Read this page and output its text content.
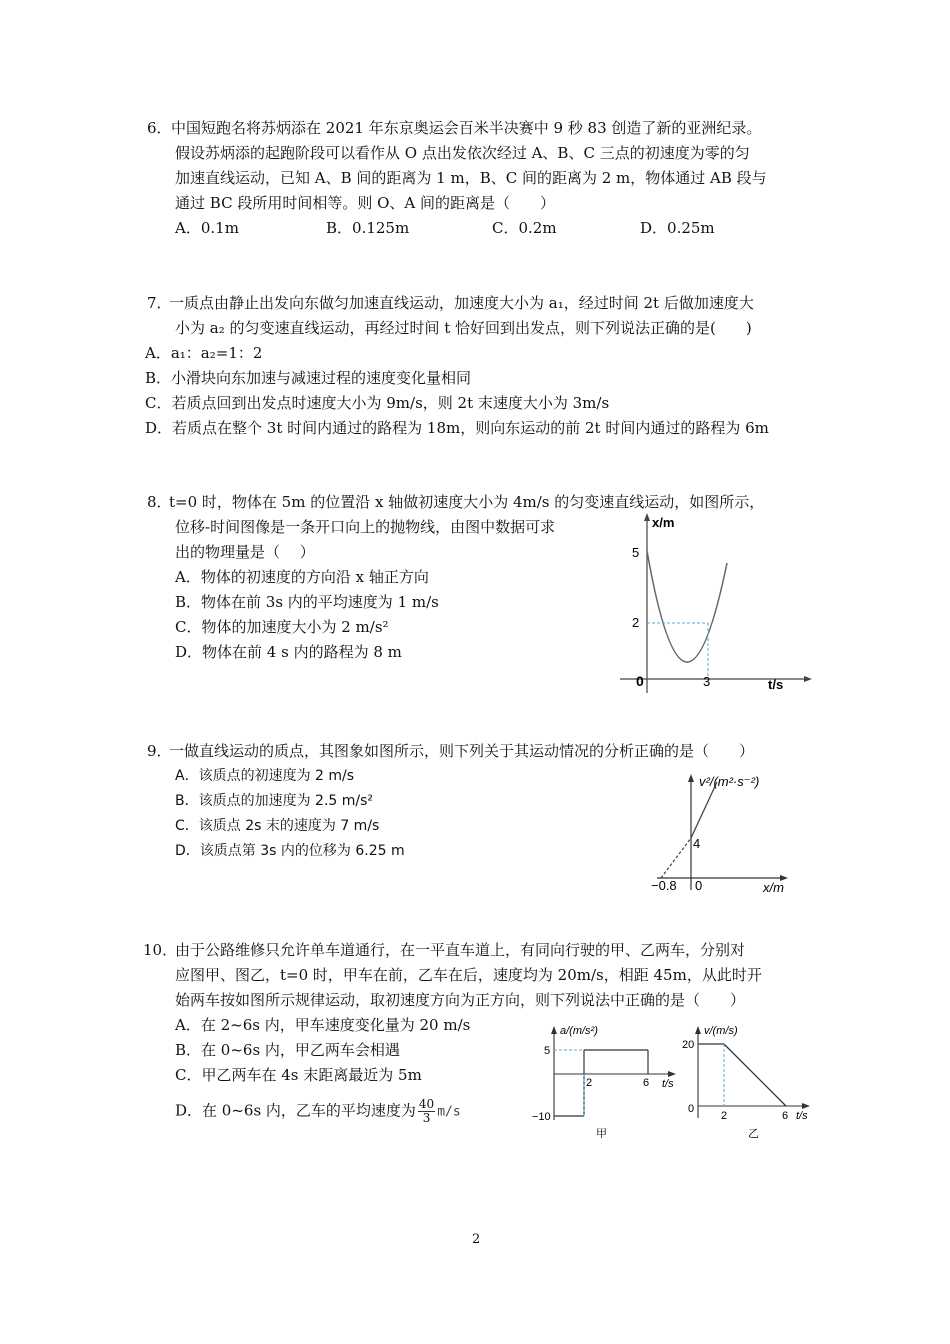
6． 中国短跑名将苏炳添在 2021 年东京奥运会百米半决赛中 9 秒 83 创造了新的亚洲纪录。
假设苏炳添的起跑阶段可以看作从 O 点出发依次经过 A、B、C 三点的初速度为零的匀
加速直线运动，已知 A、B 间的距离为 1 m，B、C 间的距离为 2 m，物体通过 AB 段与
通过 BC 段所用时间相等。则 O、A 间的距离是（　　）
A．0.1m	B．0.125m	C．0.2m	D．0.25m
7．
一质点由静止出发向东做匀加速直线运动，加速度大小为 a₁，经过时间 2t 后做加速度大
小为 a₂ 的匀变速直线运动，再经过时间 t 恰好回到出发点，则下列说法正确的是(　　)
A．a₁：a₂=1：2
B．小滑块向东加速与减速过程的速度变化量相同
C．若质点回到出发点时速度大小为 9m/s，则 2t 末速度大小为 3m/s
D．若质点在整个 3t 时间内通过的路程为 18m，则向东运动的前 2t 时间内通过的路程为 6m
8．
t=0 时，物体在 5m 的位置沿 x 轴做初速度大小为 4m/s 的匀变速直线运动，如图所示，
位移-时间图像是一条开口向上的抛物线，由图中数据可求
出的物理量是（　 ）
A．物体的初速度的方向沿 x 轴正方向
B．物体在前 3s 内的平均速度为 1 m/s
C．物体的加速度大小为 2 m/s²
D．物体在前 4 s 内的路程为 8 m
x/m
5
2
0	3	t/s
9．
一做直线运动的质点，其图象如图所示，则下列关于其运动情况的分析正确的是（　　）
A．该质点的初速度为 2 m/s
B．该质点的加速度为 2.5 m/s²
C．该质点 2s 末的速度为 7 m/s
D．该质点第 3s 内的位移为 6.25 m
v²/(m²·s⁻²)
4
−0.8 0	x/m
10．
由于公路维修只允许单车道通行，在一平直车道上，有同向行驶的甲、乙两车，分别对
应图甲、图乙，t=0 时，甲车在前，乙车在后，速度均为 20m/s，相距 45m，从此时开
始两车按如图所示规律运动，取初速度方向为正方向，则下列说法中正确的是（　　）
A．在 2~6s 内，甲车速度变化量为 20 m/s
B．在 0~6s 内，甲乙两车会相遇
C．甲乙两车在 4s 末距离最近为 5m
D．在 0~6s 内，乙车的平均速度为 $\frac{40}{3} m/s$
a/(m/s²)
5
−10
2	6 t/s
甲
v/(m/s)
20
0
2	6 t/s
乙
2
